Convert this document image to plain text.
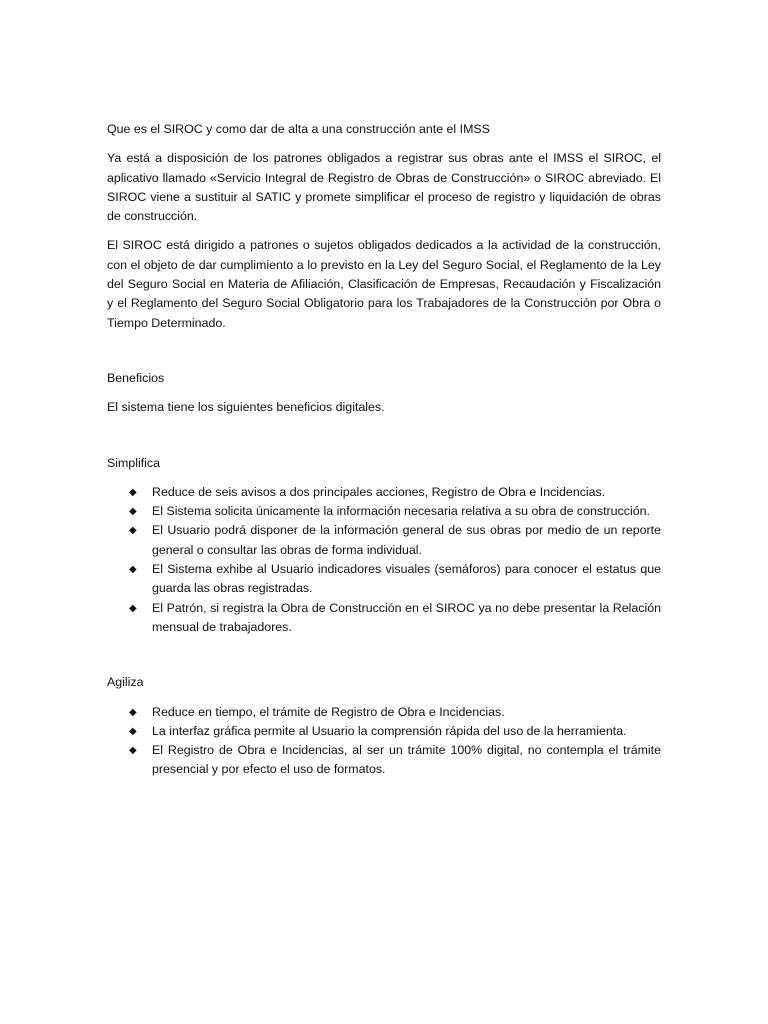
Que es el SIROC y como dar de alta a una construcción ante el IMSS

Ya está a disposición de los patrones obligados a registrar sus obras ante el IMSS el SIROC, el aplicativo llamado «Servicio Integral de Registro de Obras de Construcción» o SIROC abreviado. El SIROC viene a sustituir al SATIC y promete simplificar el proceso de registro y liquidación de obras de construcción.

El SIROC está dirigido a patrones o sujetos obligados dedicados a la actividad de la construcción, con el objeto de dar cumplimiento a lo previsto en la Ley del Seguro Social, el Reglamento de la Ley del Seguro Social en Materia de Afiliación, Clasificación de Empresas, Recaudación y Fiscalización y el Reglamento del Seguro Social Obligatorio para los Trabajadores de la Construcción por Obra o Tiempo Determinado.

Beneficios
El sistema tiene los siguientes beneficios digitales.
Simplifica
◆ Reduce de seis avisos a dos principales acciones, Registro de Obra e Incidencias.
◆ El Sistema solicita únicamente la información necesaria relativa a su obra de construcción.
◆ El Usuario podrá disponer de la información general de sus obras por medio de un reporte general o consultar las obras de forma individual.
◆ El Sistema exhibe al Usuario indicadores visuales (semáforos) para conocer el estatus que guarda las obras registradas.
◆ El Patrón, si registra la Obra de Construcción en el SIROC ya no debe presentar la Relación mensual de trabajadores.
Agiliza
◆ Reduce en tiempo, el trámite de Registro de Obra e Incidencias.
◆ La interfaz gráfica permite al Usuario la comprensión rápida del uso de la herramienta.
◆ El Registro de Obra e Incidencias, al ser un trámite 100% digital, no contempla el trámite presencial y por efecto el uso de formatos.
